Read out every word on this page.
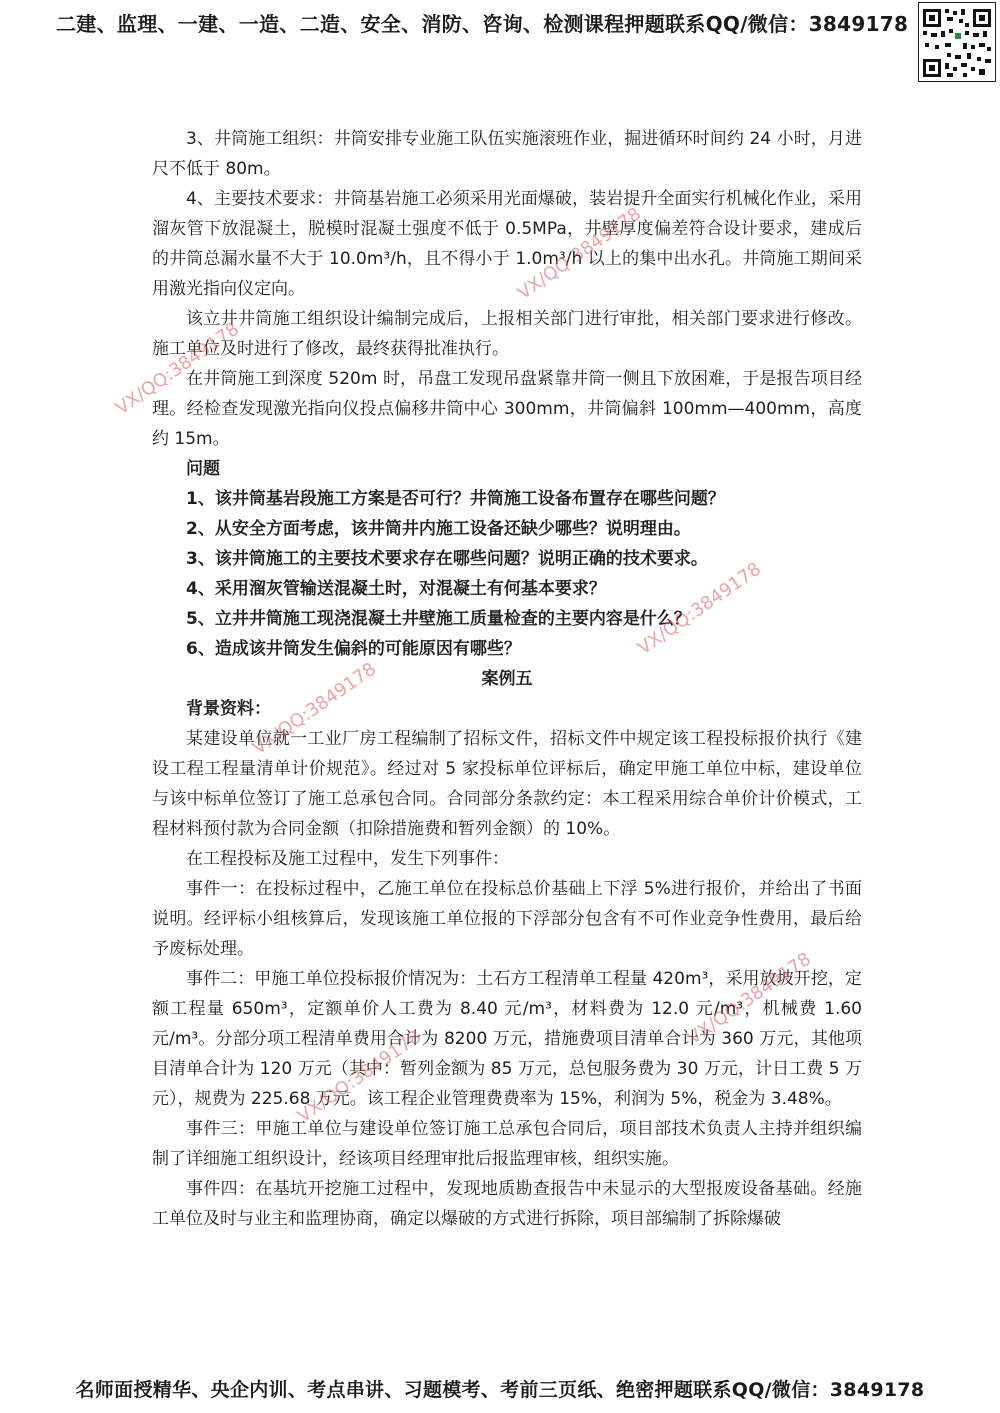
二建、监理、一建、一造、二造、安全、消防、咨询、检测课程押题联系QQ/微信：3849178

3、井筒施工组织：井筒安排专业施工队伍实施滚班作业，掘进循环时间约 24 小时，月进尺不低于 80m。

4、主要技术要求：井筒基岩施工必须采用光面爆破，装岩提升全面实行机械化作业，采用溜灰管下放混凝土，脱模时混凝土强度不低于 0.5MPa，井壁厚度偏差符合设计要求，建成后的井筒总漏水量不大于 10.0m³/h，且不得小于 1.0m³/h 以上的集中出水孔。井筒施工期间采用激光指向仪定向。

该立井井筒施工组织设计编制完成后，上报相关部门进行审批，相关部门要求进行修改。施工单位及时进行了修改，最终获得批准执行。

在井筒施工到深度 520m 时，吊盘工发现吊盘紧靠井筒一侧且下放困难，于是报告项目经理。经检查发现激光指向仪投点偏移井筒中心 300mm，井筒偏斜 100mm—400mm，高度约 15m。

问题

1、该井筒基岩段施工方案是否可行？井筒施工设备布置存在哪些问题？

2、从安全方面考虑，该井筒井内施工设备还缺少哪些？说明理由。

3、该井筒施工的主要技术要求存在哪些问题？说明正确的技术要求。

4、采用溜灰管输送混凝土时，对混凝土有何基本要求？

5、立井井筒施工现浇混凝土井壁施工质量检查的主要内容是什么？

6、造成该井筒发生偏斜的可能原因有哪些？

案例五

背景资料：

某建设单位就一工业厂房工程编制了招标文件，招标文件中规定该工程投标报价执行《建设工程工程量清单计价规范》。经过对 5 家投标单位评标后，确定甲施工单位中标，建设单位与该中标单位签订了施工总承包合同。合同部分条款约定：本工程采用综合单价计价模式，工程材料预付款为合同金额（扣除措施费和暂列金额）的 10%。

在工程投标及施工过程中，发生下列事件：

事件一：在投标过程中，乙施工单位在投标总价基础上下浮 5%进行报价，并给出了书面说明。经评标小组核算后，发现该施工单位报的下浮部分包含有不可作业竞争性费用，最后给予废标处理。

事件二：甲施工单位投标报价情况为：土石方工程清单工程量 420m³，采用放坡开挖，定额工程量 650m³，定额单价人工费为 8.40 元/m³，材料费为 12.0 元/m³，机械费 1.60 元/m³。分部分项工程清单费用合计为 8200 万元，措施费项目清单合计为 360 万元，其他项目清单合计为 120 万元（其中：暂列金额为 85 万元，总包服务费为 30 万元，计日工费 5 万元），规费为 225.68 万元。该工程企业管理费费率为 15%，利润为 5%，税金为 3.48%。

事件三：甲施工单位与建设单位签订施工总承包合同后，项目部技术负责人主持并组织编制了详细施工组织设计，经该项目经理审批后报监理审核，组织实施。

事件四：在基坑开挖施工过程中，发现地质勘查报告中未显示的大型报废设备基础。经施工单位及时与业主和监理协商，确定以爆破的方式进行拆除，项目部编制了拆除爆破

VX/QQ:3849178
VX/QQ:3849178
VX/QQ:3849178
VX/QQ:3849178
VX/QQ:3849178
VX/QQ:3849178
名师面授精华、央企内训、考点串讲、习题模考、考前三页纸、绝密押题联系QQ/微信：3849178
